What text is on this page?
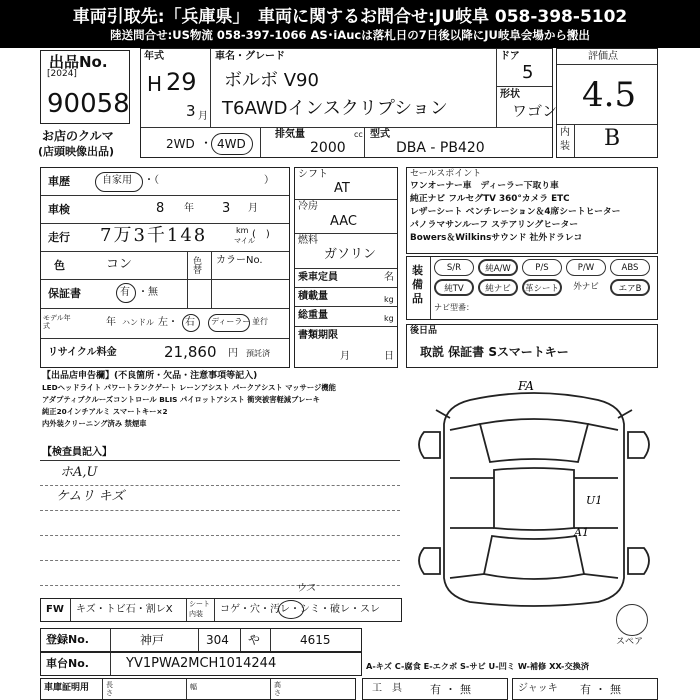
車両引取先:「兵庫県」　車両に関するお問合せ:JU岐阜 058-398-5102
陸送問合せ:US物流 058-397-1066 AS･iAucは落札日の7日後以降にJU岐阜会場から搬出
出品No.
[2024]
90058
お店のクルマ
(店頭映像出品)
年式
H 29
3 月
車名・グレード
ボルボ V90
T6AWDインスクリプション
ドア
5
形状
ワゴン
2WD ・ 4WD
排気量
2000
cc 型式
DBA - PB420
評価点
4.5
内
装 B
車歴	自家用 ・（	）
車検	8 年 3 月
走行 7万3千148	km
マイル
(　)
色	コン	色替 カラーNo.
保証書	有 ・無
モデル年式	年 ハンドル 左・ 右 ディーラー 並行
リサイクル料金	21,860 円 預託済
シフト
AT
冷房
AAC
燃料
ガソリン
乗車定員	名
積載量	kg
総重量	kg
書類期限
月	日
セールスポイント
ワンオーナー車　ディーラー下取り車
純正ナビ フルセグTV 360°カメラ ETC
レザーシート ベンチレーション＆4席シートヒーター
パノラマサンルーフ ステアリングヒーター
Bowers＆Wilkinsサウンド 社外ドラレコ
装備品
S/R	純A/W	P/S	P/W	ABS
純TV	純ナビ	革シート	外ナビ	エアB
ナビ型番：
後日品
取説 保証書 Sスマートキー
【出品店申告欄】(不良箇所・欠品・注意事項等記入)
LEDヘッドライト パワートランクゲート レーンアシスト パークアシスト マッサージ機能
アダプティブクルーズコントロール BLIS パイロットアシスト 衝突被害軽減ブレーキ
純正20インチアルミ スマートキー×2
内外装クリーニング済み 禁煙車
【検査員記入】
ホA,U
ケムリ キズ
FA
U1
A1
スペア
FW キズ・トビ石・割レX シート
内装 コゲ・穴・汚レ・シミ・破レ・スレ
ウス
登録No.	神戸	304 や	4615
車台No.	YV1PWA2MCH1014244	A-キズ C-腐食 E-エクボ S-サビ U-凹ミ W-補修 XX-交換済
車庫証明用 長さ
幅	高さ	工具 有・無	ジャッキ 有・無
